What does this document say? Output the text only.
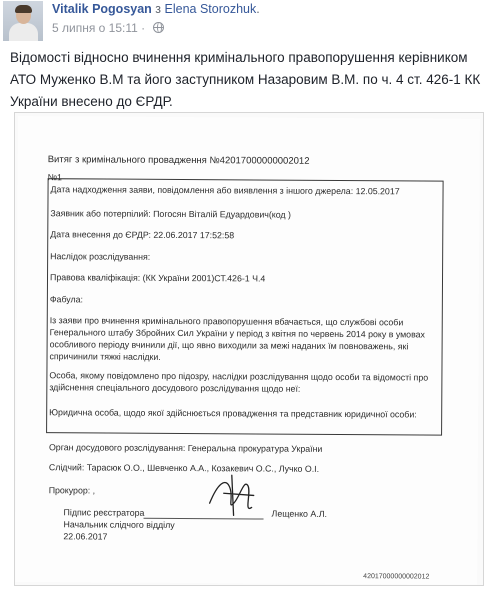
Vitalik Pogosyan з Elena Storozhuk.
5 липня о 15:11 ·
Відомості відносно вчинення кримінального правопорушення керівником АТО Муженко В.М та його заступником Назаровим В.М. по ч. 4 ст. 426-1 КК України внесено до ЄРДР.
Витяг з кримінального провадження №42017000000002012
№1
Дата надходження заяви, повідомлення або виявлення з іншого джерела: 12.05.2017
Заявник або потерпілий: Погосян Віталій Едуардович(код )
Дата внесення до ЄРДР: 22.06.2017 17:52:58
Наслідок розслідування:
Правова кваліфікація: (КК України 2001)СТ.426-1 Ч.4
Фабула:
Із заяви про вчинення кримінального правопорушення вбачається, що службові особи Генерального штабу Збройних Сил України у період з квітня по червень 2014 року в умовах особливого періоду вчинили дії, що явно виходили за межі наданих їм повноважень, які спричинили тяжкі наслідки.
Особа, якому повідомлено про підозру, наслідки розслідування щодо особи та відомості про здійснення спеціального досудового розслідування щодо неї:
Юридична особа, щодо якої здійснюється провадження та представник юридичної особи:
Орган досудового розслідування: Генеральна прокуратура України
Слідчий: Тарасюк О.О., Шевченко А.А., Козакевич О.С., Лучко О.І.
Прокурор: ,
Підпис реєстратора	Лещенко А.Л.
Начальник слідчого відділу
22.06.2017
42017000000002012
